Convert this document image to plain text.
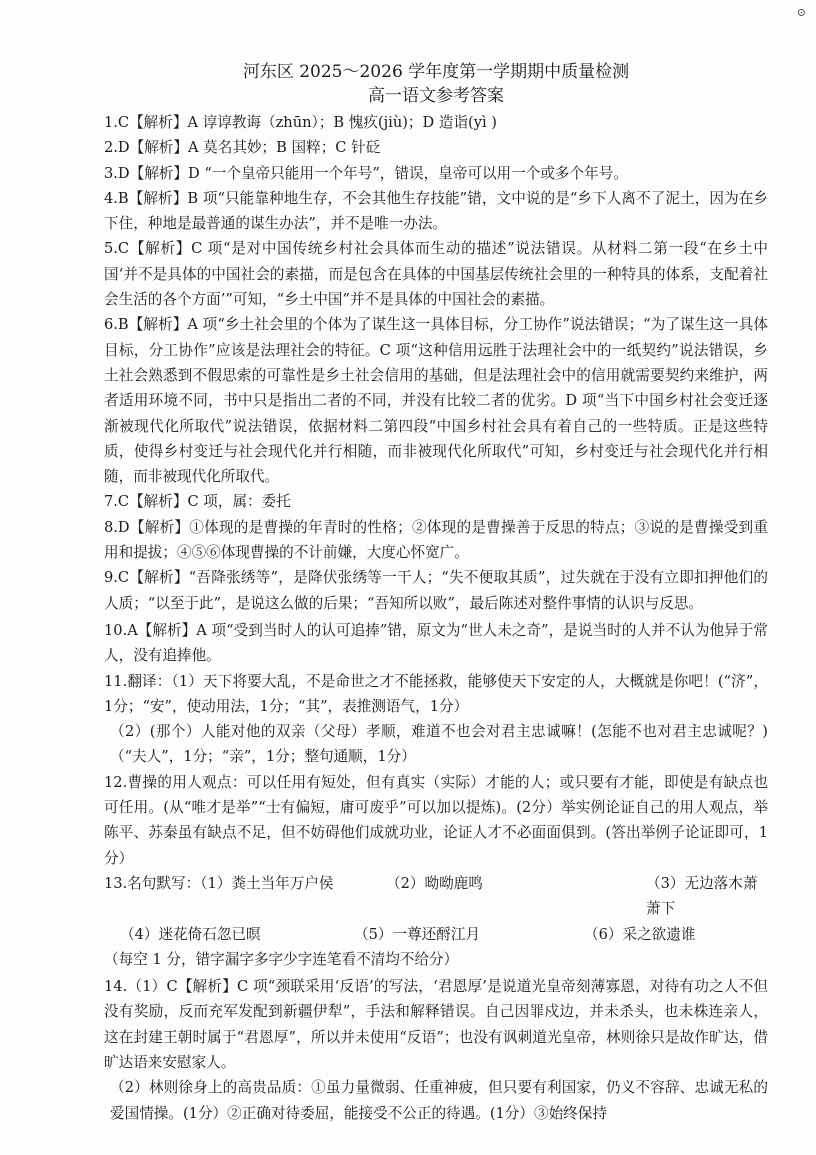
⊙

河东区 2025～2026 学年度第一学期期中质量检测

高一语文参考答案

1.C【解析】A 谆谆教诲（zhūn）；B 愧疚(jiù)；D 造诣(yì )

2.D【解析】A 莫名其妙；B 国粹；C 针砭

3.D【解析】D “一个皇帝只能用一个年号”，错误，皇帝可以用一个或多个年号。

4.B【解析】B 项“只能靠种地生存，不会其他生存技能”错，文中说的是“乡下人离不了泥土，因为在乡下住，种地是最普通的谋生办法”，并不是唯一办法。

5.C【解析】C 项“是对中国传统乡村社会具体而生动的描述”说法错误。从材料二第一段“在乡土中国‘并不是具体的中国社会的素描，而是包含在具体的中国基层传统社会里的一种特具的体系，支配着社会生活的各个方面’”可知，“乡土中国”并不是具体的中国社会的素描。

6.B【解析】A 项“乡土社会里的个体为了谋生这一具体目标，分工协作”说法错误；“为了谋生这一具体目标，分工协作”应该是法理社会的特征。C 项“这种信用远胜于法理社会中的一纸契约”说法错误，乡土社会熟悉到不假思索的可靠性是乡土社会信用的基础，但是法理社会中的信用就需要契约来维护，两者适用环境不同，书中只是指出二者的不同，并没有比较二者的优劣。D 项“当下中国乡村社会变迁逐渐被现代化所取代”说法错误，依据材料二第四段“中国乡村社会具有着自己的一些特质。正是这些特质，使得乡村变迁与社会现代化并行相随，而非被现代化所取代”可知，乡村变迁与社会现代化并行相随，而非被现代化所取代。

7.C【解析】C 项，属：委托

8.D【解析】①体现的是曹操的年青时的性格；②体现的是曹操善于反思的特点；③说的是曹操受到重用和提拔；④⑤⑥体现曹操的不计前嫌，大度心怀宽广。

9.C【解析】“吾降张绣等”，是降伏张绣等一干人；“失不便取其质”，过失就在于没有立即扣押他们的人质；“以至于此”，是说这么做的后果；“吾知所以败”，最后陈述对整件事情的认识与反思。

10.A【解析】A 项“受到当时人的认可追捧”错，原文为“世人未之奇”，是说当时的人并不认为他异于常人，没有追捧他。

11.翻译：（1）天下将要大乱，不是命世之才不能拯救，能够使天下安定的人，大概就是你吧！(“济”，1分；“安”，使动用法，1分；“其”，表推测语气，1分）

（2）(那个）人能对他的双亲（父母）孝顺，难道不也会对君主忠诚嘛！(怎能不也对君主忠诚呢？)（“夫人”，1分；“亲”，1分；整句通顺，1分）

12.曹操的用人观点：可以任用有短处，但有真实（实际）才能的人；或只要有才能，即使是有缺点也可任用。(从“唯才是举”“士有偏短，庸可废乎”可以加以提炼)。(2分）举实例论证自己的用人观点，举陈平、苏秦虽有缺点不足，但不妨碍他们成就功业，论证人才不必面面俱到。(答出举例子论证即可，1分）

13.名句默写：（1）粪土当年万户侯	（2）呦呦鹿鸣	（3）无边落木萧萧下
（4）迷花倚石忽已暝	（5）一尊还酹江月	（6）采之欲遗谁

（每空 1 分，错字漏字多字少字连笔看不清均不给分）

14.（1）C【解析】C 项“颈联采用‘反语’的写法，‘君恩厚’是说道光皇帝刻薄寡恩，对待有功之人不但没有奖励，反而充军发配到新疆伊犁”，手法和解释错误。自己因罪戍边，并未杀头，也未株连亲人，这在封建王朝时属于“君恩厚”，所以并未使用“反语”；也没有讽刺道光皇帝，林则徐只是故作旷达，借旷达语来安慰家人。

（2）林则徐身上的高贵品质：①虽力量微弱、任重神疲，但只要有利国家，仍义不容辞、忠诚无私的爱国情操。(1分）②正确对待委屈，能接受不公正的待遇。(1分）③始终保持
